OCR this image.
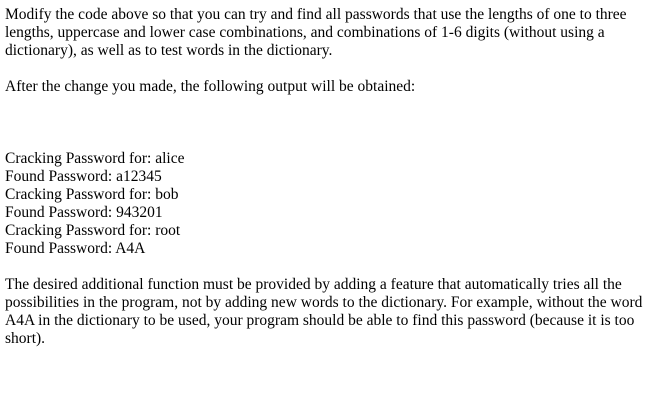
Modify the code above so that you can try and find all passwords that use the lengths of one to three lengths, uppercase and lower case combinations, and combinations of 1-6 digits (without using a dictionary), as well as to test words in the dictionary.

After the change you made, the following output will be obtained:

Cracking Password for: alice
Found Password: a12345
Cracking Password for: bob
Found Password: 943201
Cracking Password for: root
Found Password: A4A

The desired additional function must be provided by adding a feature that automatically tries all the possibilities in the program, not by adding new words to the dictionary. For example, without the word A4A in the dictionary to be used, your program should be able to find this password (because it is too short).
